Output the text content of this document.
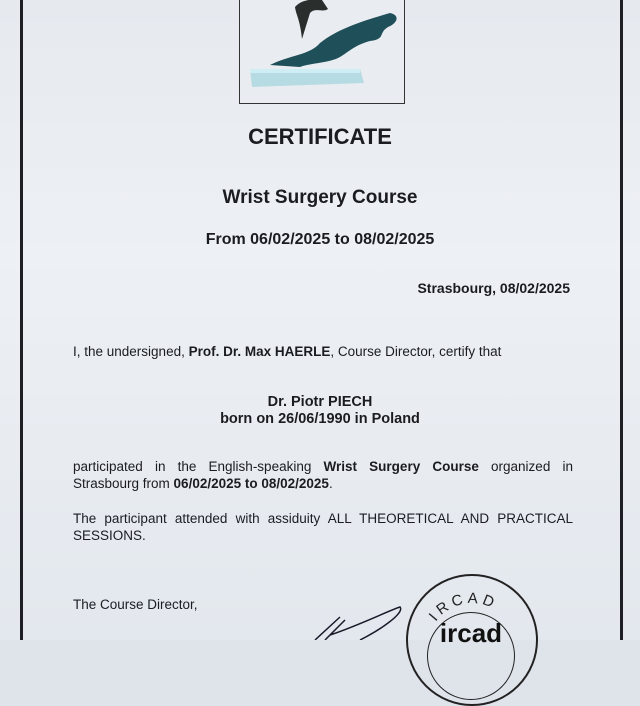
CERTIFICATE
Wrist Surgery Course
From 06/02/2025 to 08/02/2025
Strasbourg, 08/02/2025
I, the undersigned, Prof. Dr. Max HAERLE, Course Director, certify that
Dr. Piotr PIECH
born on 26/06/1990 in Poland
participated in the English-speaking Wrist Surgery Course organized in Strasbourg from 06/02/2025 to 08/02/2025.
The participant attended with assiduity ALL THEORETICAL AND PRACTICAL SESSIONS.
The Course Director,
IRCAD
ircad
